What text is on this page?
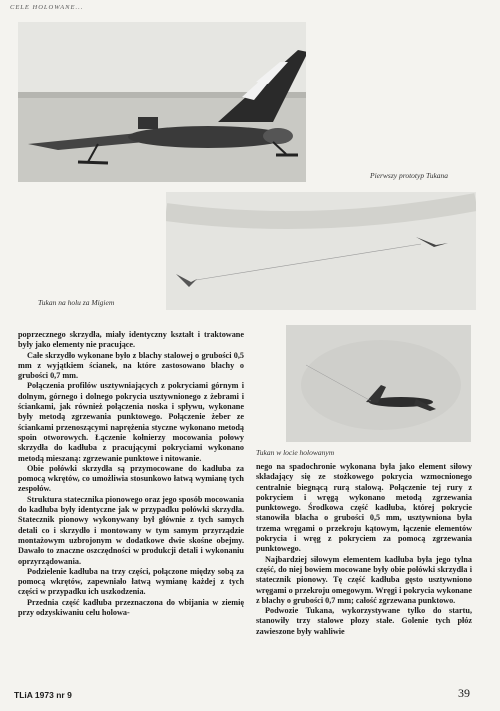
CELE HOLOWANE...
Pierwszy prototyp Tukana
Tukan na holu za Migiem
Tukan w locie holowanym

poprzecznego skrzydła, miały identyczny kształt i traktowane były jako elementy nie pracujące.

Całe skrzydło wykonane było z blachy stalowej o grubości 0,5 mm z wyjątkiem ścianek, na które zastosowano blachy o grubości 0,7 mm.

Połączenia profilów usztywniających z pokryciami górnym i dolnym, górnego i dolnego pokrycia usztywnionego z żebrami i ściankami, jak również połączenia noska i spływu, wykonane były metodą zgrzewania punktowego. Połączenie żeber ze ściankami przenoszącymi naprężenia styczne wykonano metodą spoin otworowych. Łączenie kołnierzy mocowania połowy skrzydła do kadłuba z pracującymi pokryciami wykonano metodą mieszaną: zgrzewanie punktowe i nitowanie.

Obie połówki skrzydła są przymocowane do kadłuba za pomocą wkrętów, co umożliwia stosunkowo łatwą wymianę tych zespołów.

Struktura statecznika pionowego oraz jego sposób mocowania do kadłuba były identyczne jak w przypadku połówki skrzydła. Statecznik pionowy wykonywany był głównie z tych samych detali co i skrzydło i montowany w tym samym przyrządzie montażowym uzbrojonym w dodatkowe dwie skośne obejmy. Dawało to znaczne oszczędności w produkcji detali i wykonaniu oprzyrządowania.

Podzielenie kadłuba na trzy części, połączone między sobą za pomocą wkrętów, zapewniało łatwą wymianę każdej z tych części w przypadku ich uszkodzenia.

Przednia część kadłuba przeznaczona do wbijania w ziemię przy odzyskiwaniu celu holowa-

nego na spadochronie wykonana była jako element siłowy składający się ze stożkowego pokrycia wzmocnionego centralnie biegnącą rurą stalową. Połączenie tej rury z pokryciem i wręgą wykonano metodą zgrzewania punktowego. Środkowa część kadłuba, której pokrycie stanowiła blacha o grubości 0,5 mm, usztywniona była trzema wręgami o przekroju kątowym, łączenie elementów pokrycia i wręg z pokryciem za pomocą zgrzewania punktowego.

Najbardziej siłowym elementem kadłuba była jego tylna część, do niej bowiem mocowane były obie połówki skrzydła i statecznik pionowy. Tę część kadłuba gęsto usztywniono wręgami o przekroju omegowym. Wręgi i pokrycia wykonane z blachy o grubości 0,7 mm; całość zgrzewana punktowo.

Podwozie Tukana, wykorzystywane tylko do startu, stanowiły trzy stalowe płozy stałe. Golenie tych płóz zawieszone były wahliwie

TLiA 1973 nr 9	39
